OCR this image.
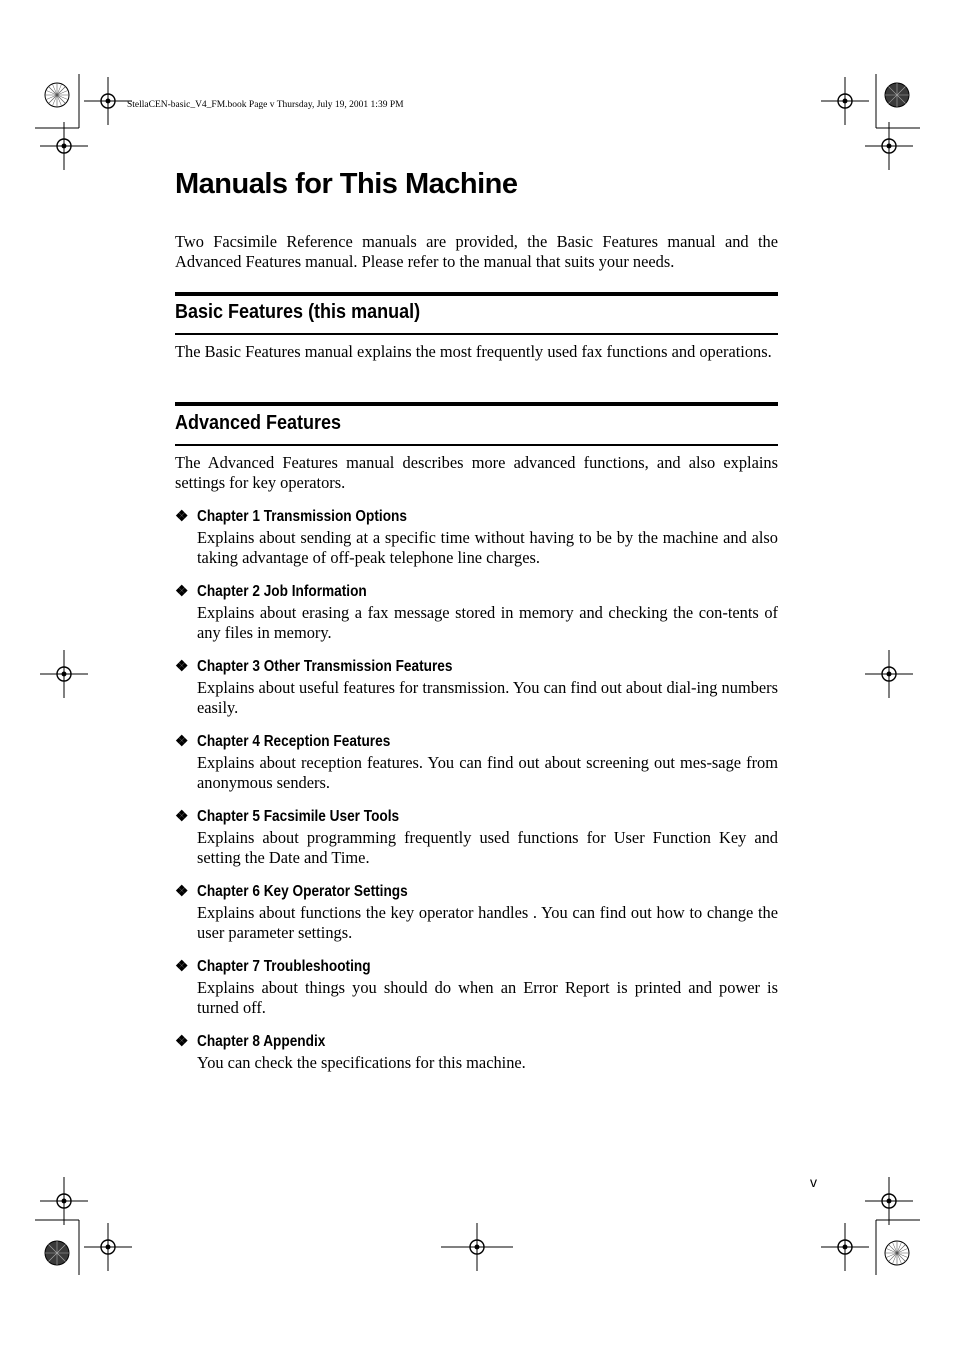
StellaCEN-basic_V4_FM.book Page v Thursday, July 19, 2001 1:39 PM
Manuals for This Machine

Two Facsimile Reference manuals are provided, the Basic Features manual and the Advanced Features manual. Please refer to the manual that suits your needs.

Basic Features (this manual)

The Basic Features manual explains the most frequently used fax functions and operations.

Advanced Features

The Advanced Features manual describes more advanced functions, and also explains settings for key operators.

❖ Chapter 1 Transmission Options

Explains about sending at a specific time without having to be by the machine and also taking advantage of off-peak telephone line charges.

❖ Chapter 2 Job Information

Explains about erasing a fax message stored in memory and checking the con-tents of any files in memory.

❖ Chapter 3 Other Transmission Features

Explains about useful features for transmission. You can find out about dial-ing numbers easily.

❖ Chapter 4 Reception Features

Explains about reception features. You can find out about screening out mes-sage from anonymous senders.

❖ Chapter 5 Facsimile User Tools

Explains about programming frequently used functions for User Function Key and setting the Date and Time.

❖ Chapter 6 Key Operator Settings

Explains about functions the key operator handles . You can find out how to change the user parameter settings.

❖ Chapter 7 Troubleshooting

Explains about things you should do when an Error Report is printed and power is turned off.

❖ Chapter 8 Appendix

You can check the specifications for this machine.

v
